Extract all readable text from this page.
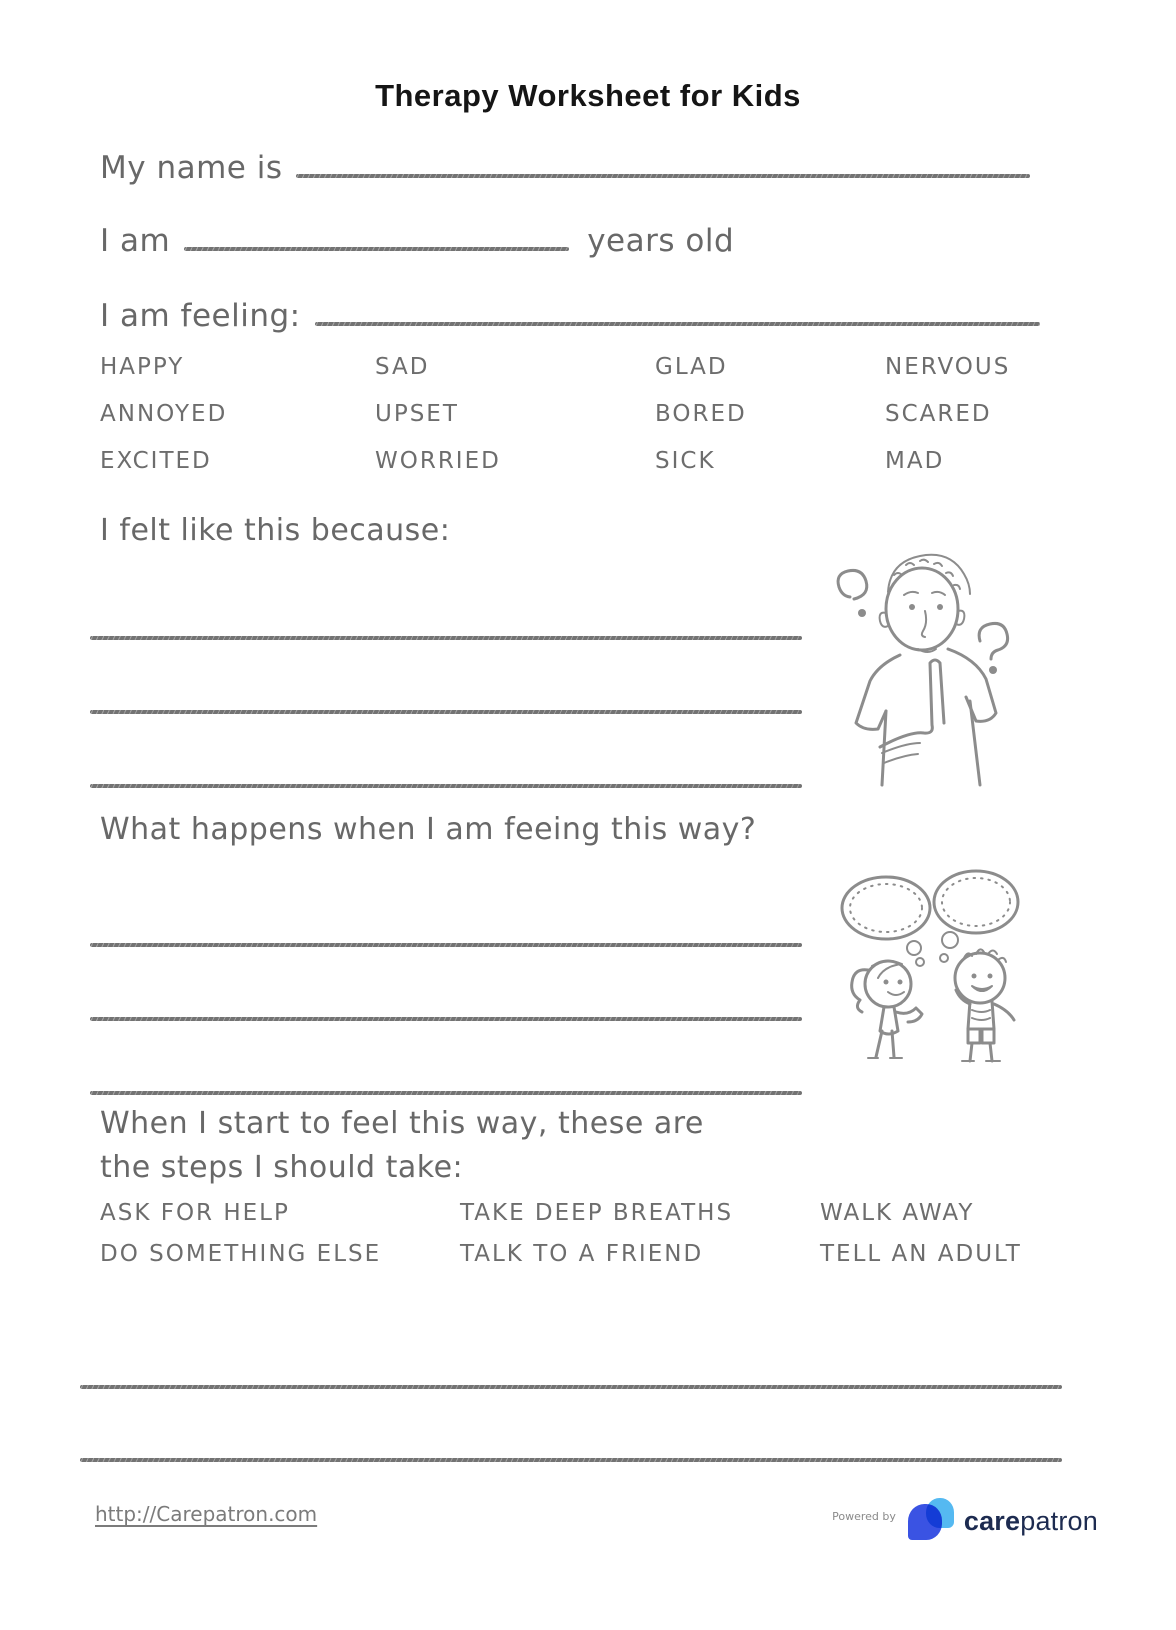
Therapy Worksheet for Kids
My name is
I am	years old
I am feeling:
HAPPY	SAD	GLAD	NERVOUS
ANNOYED	UPSET	BORED	SCARED
EXCITED	WORRIED	SICK	MAD
I felt like this because:
What happens when I am feeing this way?
When I start to feel this way, these are
the steps I should take:
ASK FOR HELP	TAKE DEEP BREATHS	WALK AWAY
DO SOMETHING ELSE	TALK TO A FRIEND	TELL AN ADULT
http://Carepatron.com	Powered by	carepatron
